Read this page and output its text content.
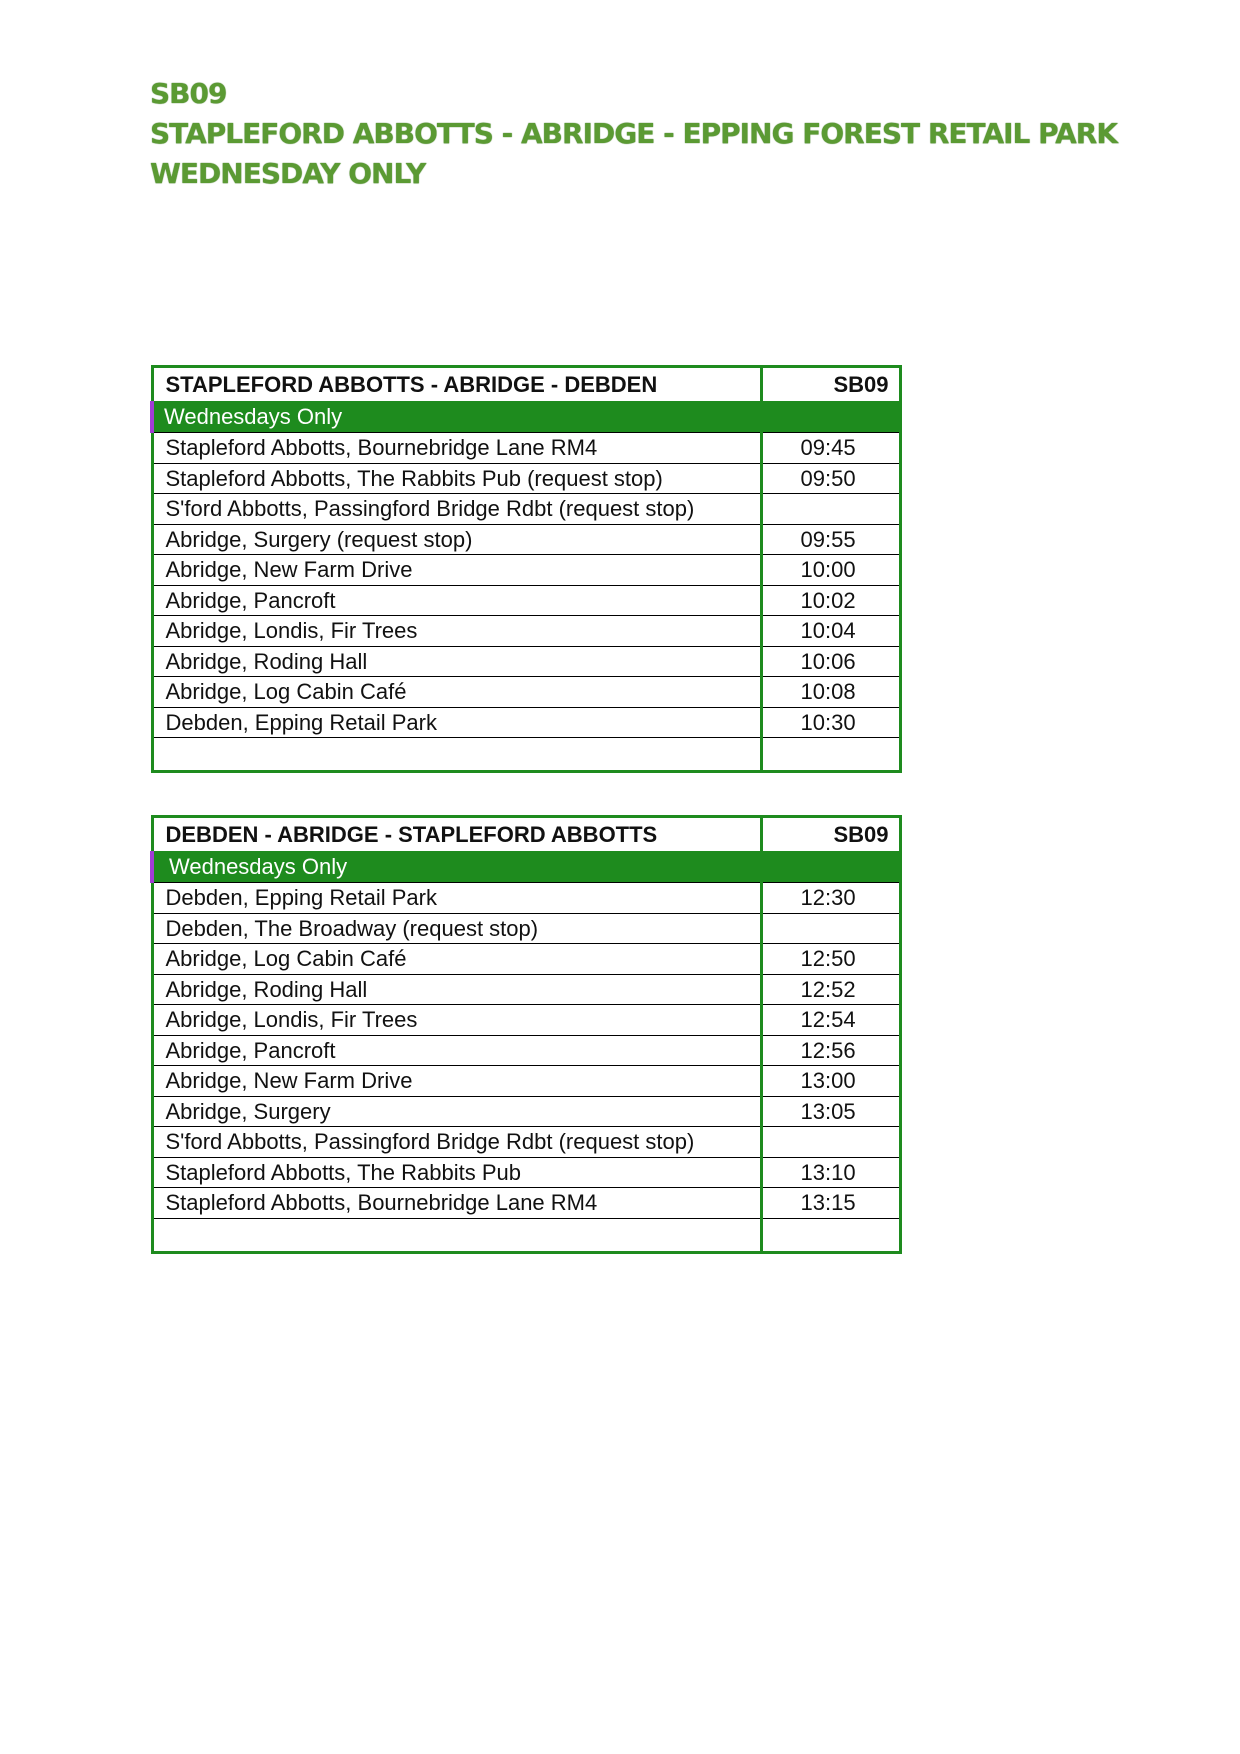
SB09
STAPLEFORD ABBOTTS - ABRIDGE - EPPING FOREST RETAIL PARK
WEDNESDAY ONLY
STAPLEFORD ABBOTTS - ABRIDGE - DEBDEN	SB09
Wednesdays Only	
Stapleford Abbotts, Bournebridge Lane RM4	09:45
Stapleford Abbotts, The Rabbits Pub (request stop)	09:50
S'ford Abbotts, Passingford Bridge Rdbt (request stop)	
Abridge, Surgery (request stop)	09:55
Abridge, New Farm Drive	10:00
Abridge, Pancroft	10:02
Abridge, Londis, Fir Trees	10:04
Abridge, Roding Hall	10:06
Abridge, Log Cabin Café	10:08
Debden, Epping Retail Park	10:30

DEBDEN - ABRIDGE - STAPLEFORD ABBOTTS	SB09
Wednesdays Only	
Debden, Epping Retail Park	12:30
Debden, The Broadway (request stop)	
Abridge, Log Cabin Café	12:50
Abridge, Roding Hall	12:52
Abridge, Londis, Fir Trees	12:54
Abridge, Pancroft	12:56
Abridge, New Farm Drive	13:00
Abridge, Surgery	13:05
S'ford Abbotts, Passingford Bridge Rdbt (request stop)	
Stapleford Abbotts, The Rabbits Pub	13:10
Stapleford Abbotts, Bournebridge Lane RM4	13:15
